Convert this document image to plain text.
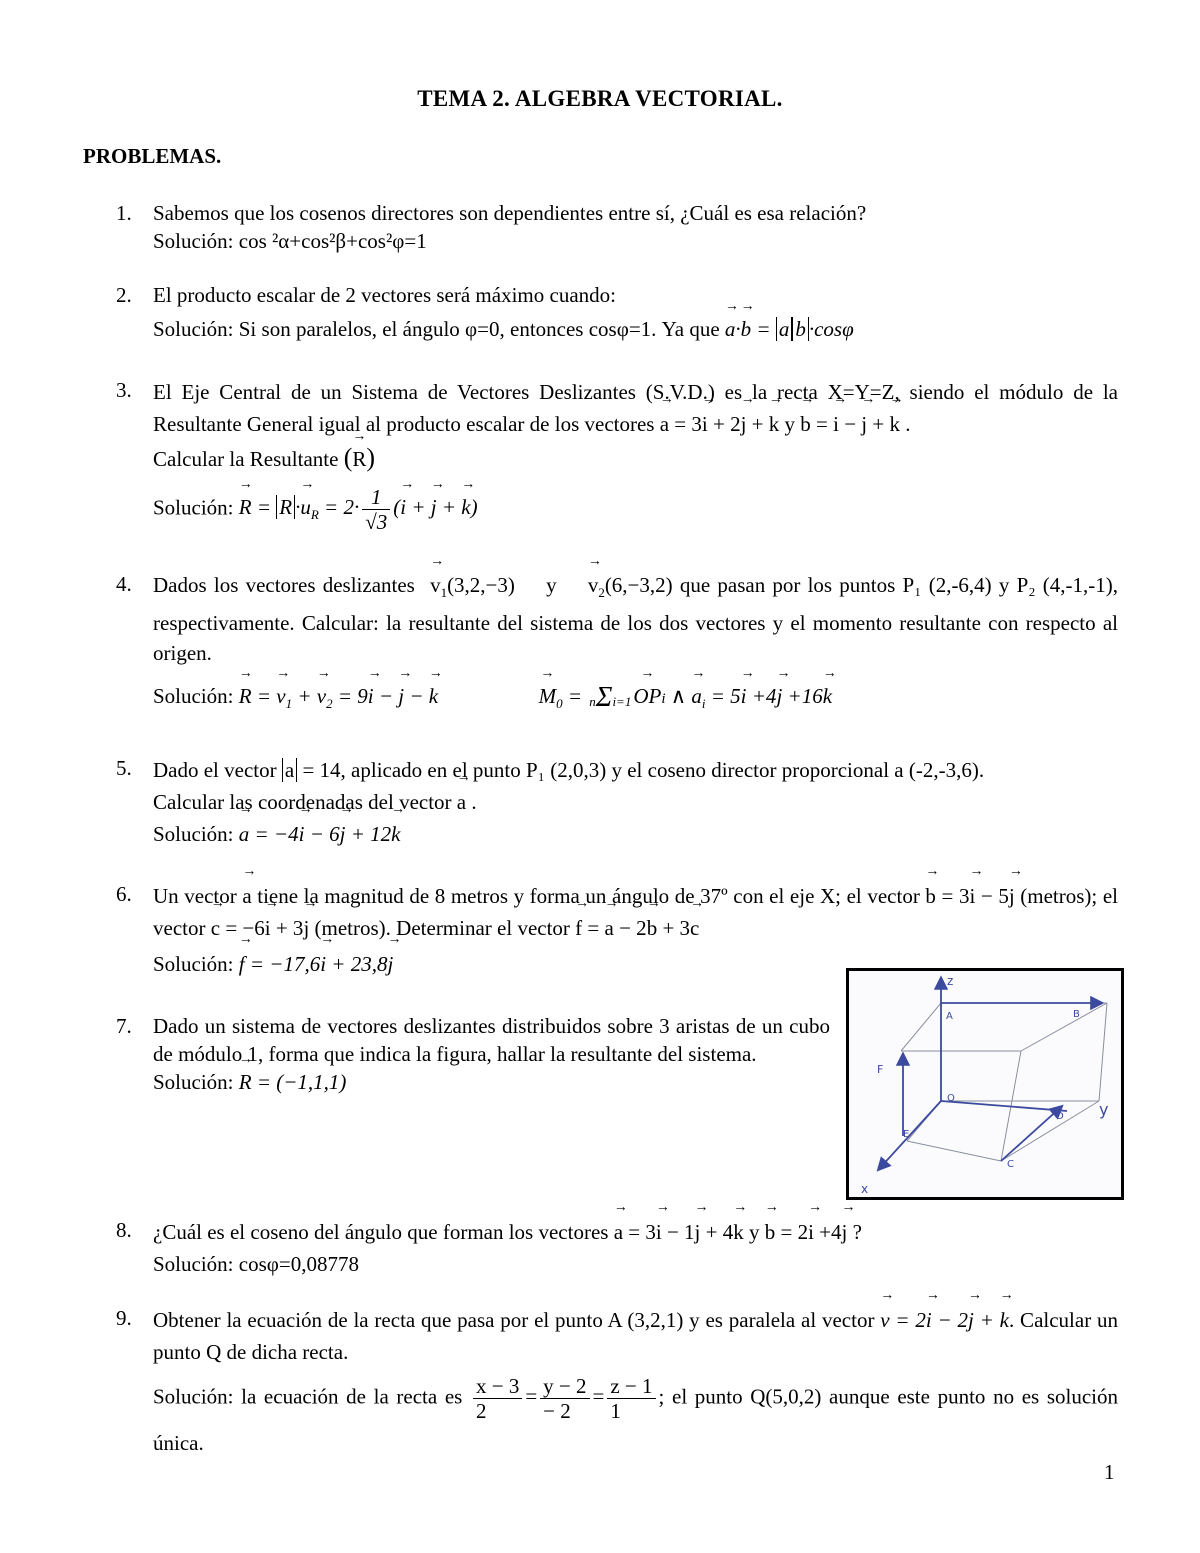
TEMA 2. ALGEBRA VECTORIAL.
PROBLEMAS.
1.	Sabemos que los cosenos directores son dependientes entre sí, ¿Cuál es esa relación?
Solución: cos ²α+cos²β+cos²φ=1
2.	El producto escalar de 2 vectores será máximo cuando:
Solución: Si son paralelos, el ángulo φ=0, entonces cosφ=1. Ya que → a·→ b = a b ·cosφ
3.	El Eje Central de un Sistema de Vectores Deslizantes (S.V.D.) es la recta X=Y=Z, siendo el módulo de la Resultante General igual al producto escalar de los vectores → a = 3→ i + 2→ j + → k y → b = → i − → j + → k .
Calcular la Resultante (→ R)
Solución: → $R = R \cdot\to u_R = 2\cdot \frac{1}{√3}$ (→ i + → j + → k)
4.	Dados los vectores deslizantes → $v_1(3,2,-3) y \to v_2(6,-3,2)$ que pasan por los puntos P₁ (2,-6,4) y P₂ (4,-1,-1), respectivamente. Calcular: la resultante del sistema de los dos vectores y el momento resultante con respecto al origen.
Solución: → R = → $v_1$ + → $v_2 = 9\to i$ − → j − → k	→ $M_0 = n\Sigma i=1\to$ OPi ∧ → $a_i = 5\to i +4\to j +16\to k$
5.	Dado el vector a = 14, aplicado en el punto P₁ (2,0,3) y el coseno director proporcional a (-2,-3,6).
Calcular las coordenadas del vector → a .
Solución: → a = −4→ i − 6→ j + 12→ k
6.	Un vector → a tiene la magnitud de 8 metros y forma un ángulo de 37º con el eje X; el vector → b = 3→ i − 5→ j (metros); el vector → c = −6→ i + 3→ j (metros). Determinar el vector → f = → a − 2→ b + 3→ c
Solución: → f = −17,6→ i + 23,8→ j
7.	Dado un sistema de vectores deslizantes distribuidos sobre 3 aristas de un cubo de módulo 1, forma que indica la figura, hallar la resultante del sistema.
Solución: → R = (−1,1,1)
z
x
y
A	B
C
D
E
F
O
8.	¿Cuál es el coseno del ángulo que forman los vectores → a = 3→ i − 1→ j + 4→ k y → b = 2→ i +4→ j ?
Solución: cosφ=0,08778
9.	Obtener la ecuación de la recta que pasa por el punto A (3,2,1) y es paralela al vector → v = 2→ i − 2→ j + → k. Calcular un punto Q de dicha recta.
Solución: la ecuación de la recta es $\frac{x - 3}{2} = \frac{y - 2}{- 2} = \frac{z - 1}{1}$ ; el punto Q(5,0,2) aunque este punto no es solución única.
1
